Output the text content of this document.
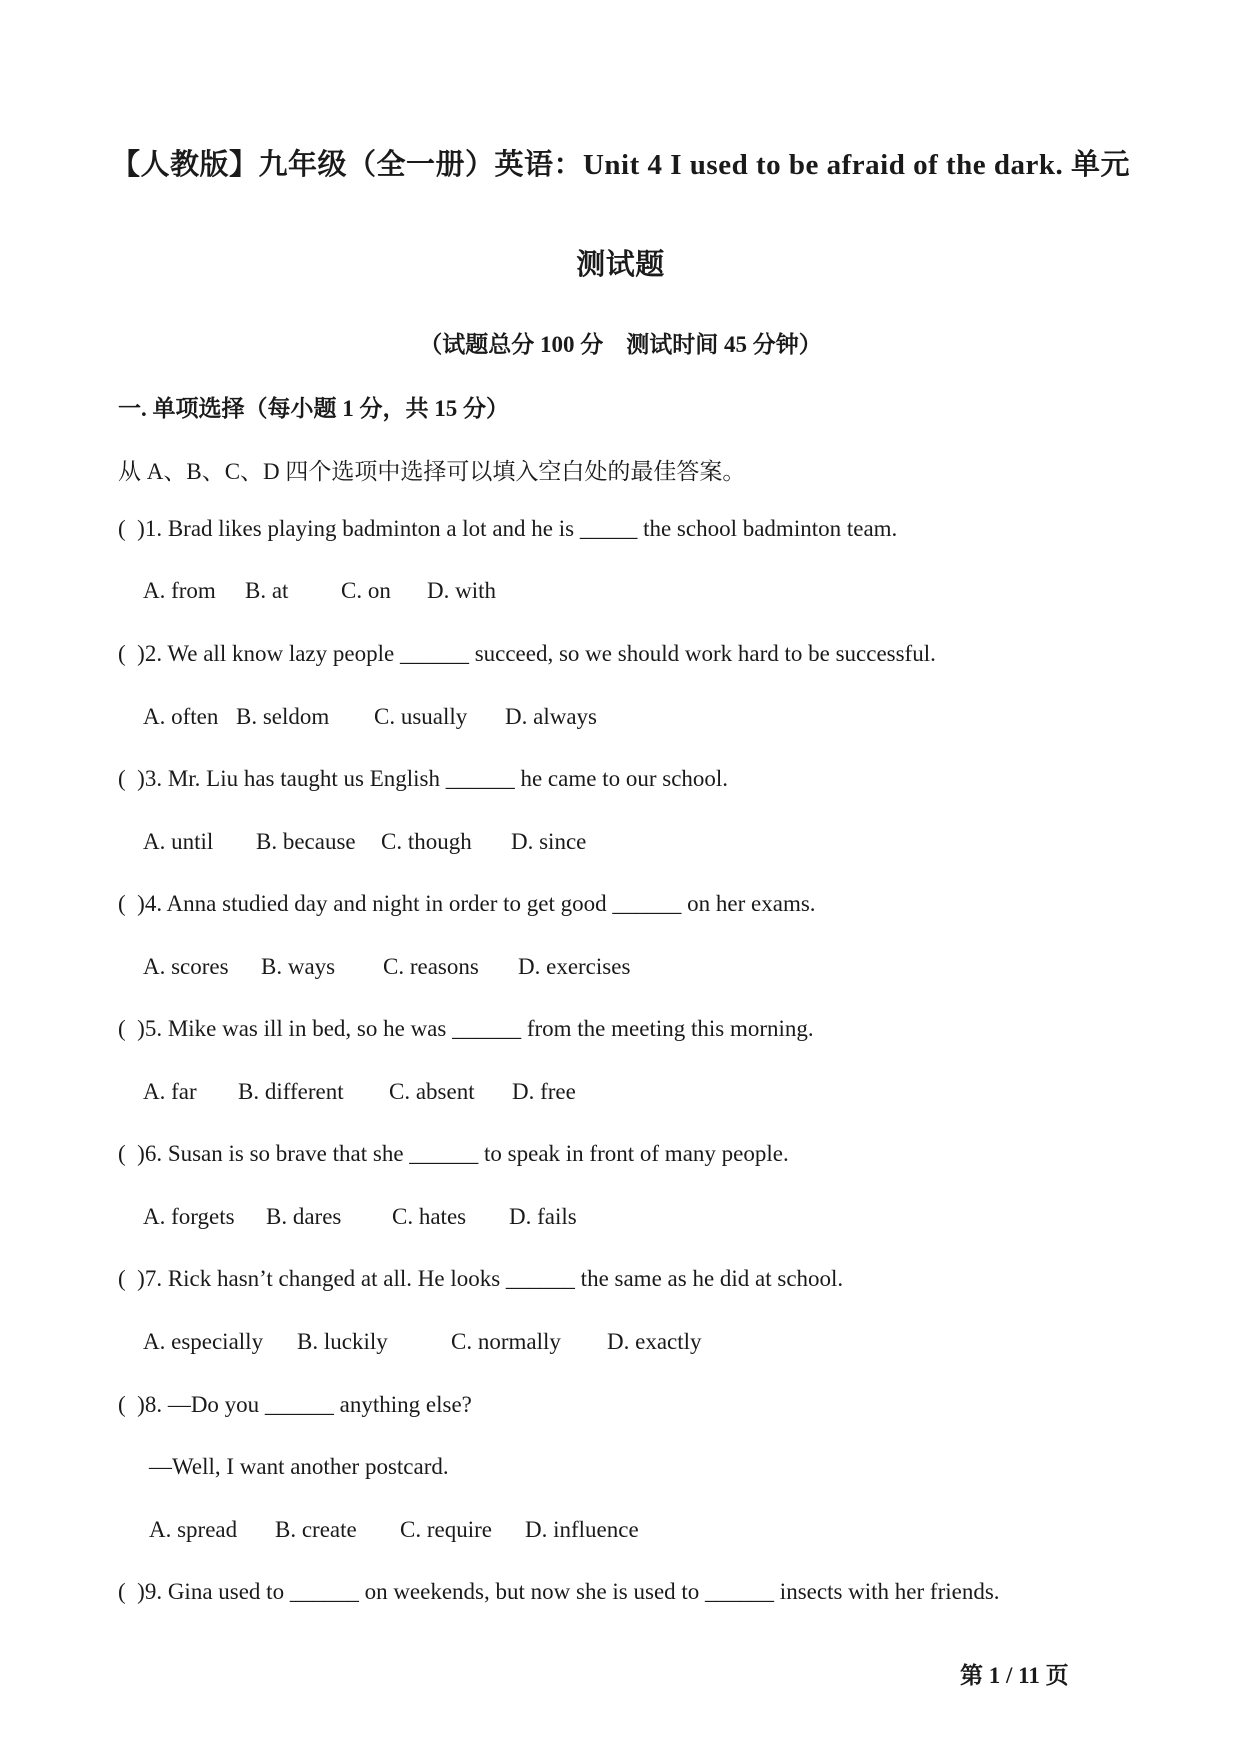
【人教版】九年级（全一册）英语：Unit 4 I used to be afraid of the dark. 单元
测试题
（试题总分 100 分　测试时间 45 分钟）
一. 单项选择（每小题 1 分，共 15 分）
从 A、B、C、D 四个选项中选择可以填入空白处的最佳答案。
(  )1. Brad likes playing badminton a lot and he is _____ the school badminton team.
A. from B. at C. on D. with
(  )2. We all know lazy people ______ succeed, so we should work hard to be successful.
A. often B. seldom C. usually D. always
(  )3. Mr. Liu has taught us English ______ he came to our school.
A. until B. because C. though D. since
(  )4. Anna studied day and night in order to get good ______ on her exams.
A. scores B. ways C. reasons D. exercises
(  )5. Mike was ill in bed, so he was ______ from the meeting this morning.
A. far B. different C. absent D. free
(  )6. Susan is so brave that she ______ to speak in front of many people.
A. forgets B. dares C. hates D. fails
(  )7. Rick hasn’t changed at all. He looks ______ the same as he did at school.
A. especially B. luckily	C. normally D. exactly
(  )8. —Do you ______ anything else?
—Well, I want another postcard.
A. spread B. create C. require D. influence
(  )9. Gina used to ______ on weekends, but now she is used to ______ insects with her friends.
第 1 / 11 页
